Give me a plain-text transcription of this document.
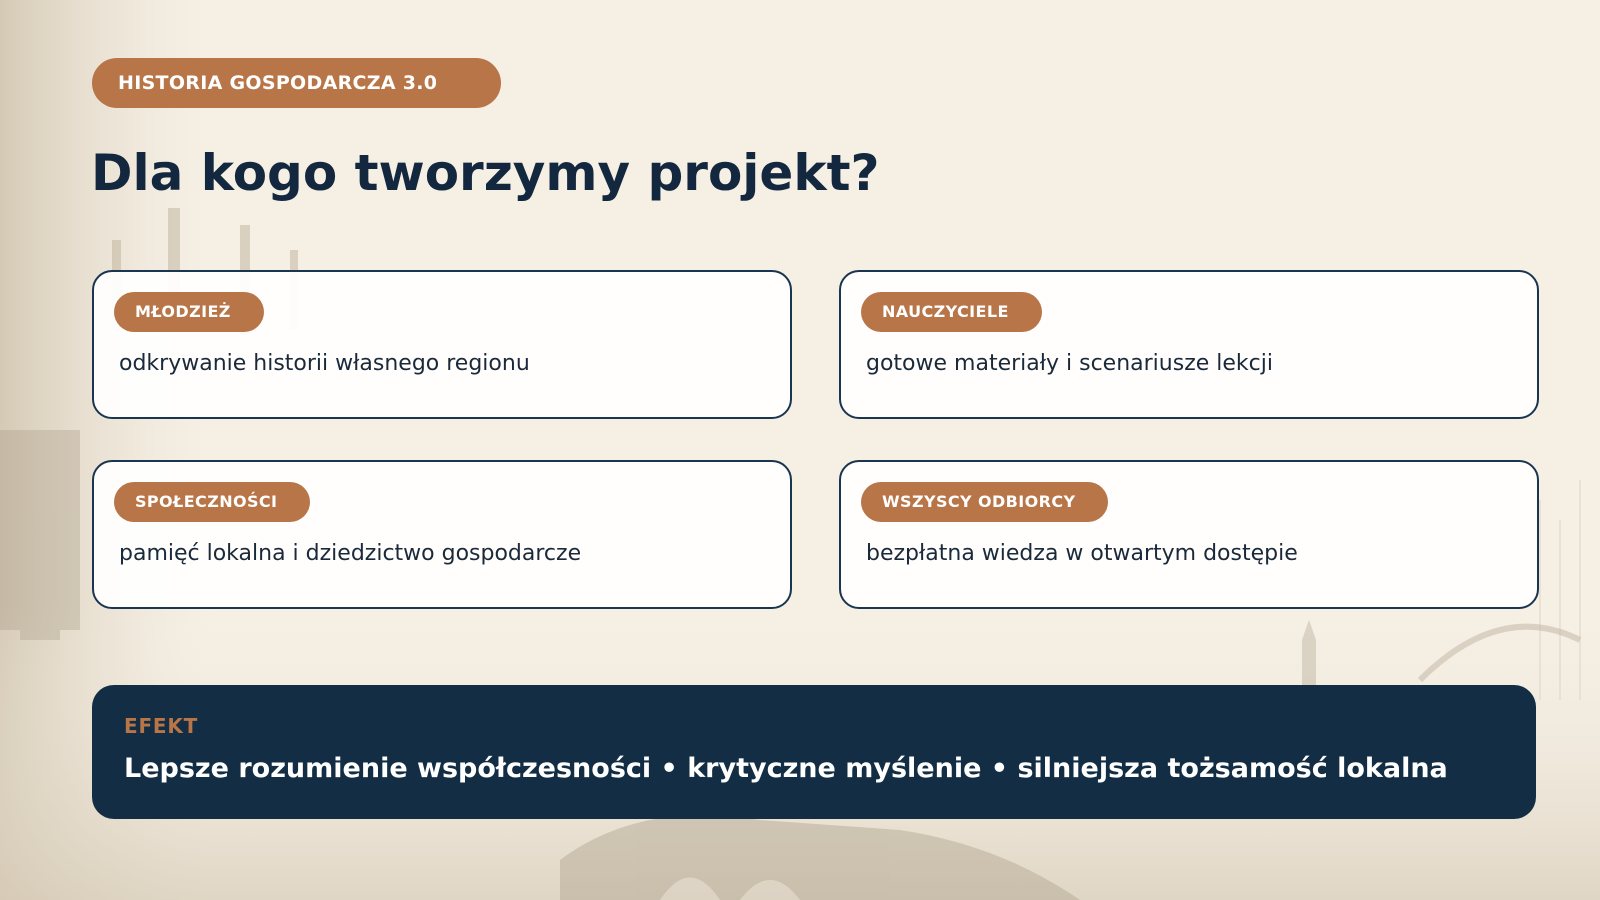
HISTORIA GOSPODARCZA 3.0
Dla kogo tworzymy projekt?
MŁODZIEŻ
odkrywanie historii własnego regionu
NAUCZYCIELE
gotowe materiały i scenariusze lekcji
SPOŁECZNOŚCI
pamięć lokalna i dziedzictwo gospodarcze
WSZYSCY ODBIORCY
bezpłatna wiedza w otwartym dostępie
EFEKT
Lepsze rozumienie współczesności • krytyczne myślenie • silniejsza tożsamość lokalna
